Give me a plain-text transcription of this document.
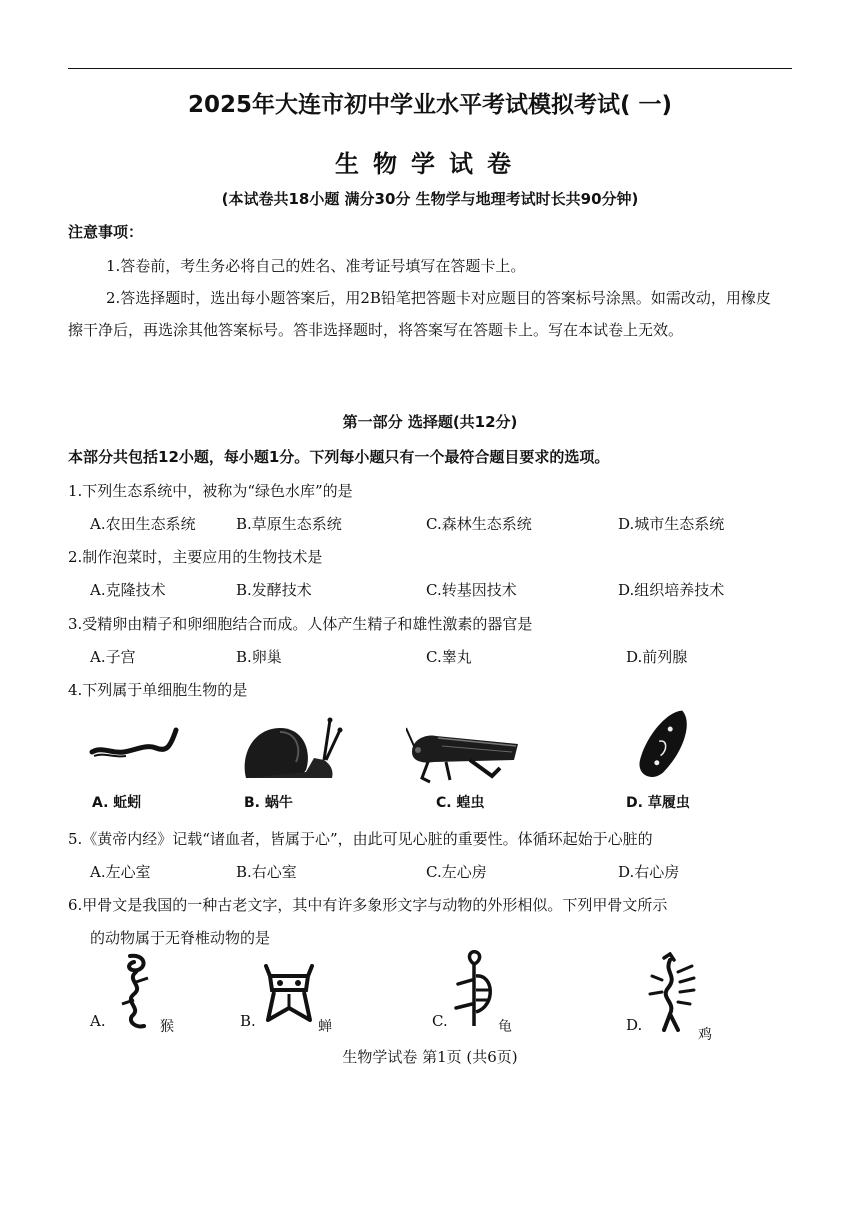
2025年大连市初中学业水平考试模拟考试( 一)
生物学试卷
(本试卷共18小题 满分30分 生物学与地理考试时长共90分钟)
注意事项：
1.答卷前，考生务必将自己的姓名、准考证号填写在答题卡上。
2.答选择题时，选出每小题答案后，用2B铅笔把答题卡对应题目的答案标号涂黑。如需改动，用橡皮擦干净后，再选涂其他答案标号。答非选择题时，将答案写在答题卡上。写在本试卷上无效。
第一部分 选择题(共12分)
本部分共包括12小题，每小题1分。下列每小题只有一个最符合题目要求的选项。
1.下列生态系统中，被称为“绿色水库”的是
A.农田生态系统	B.草原生态系统	C.森林生态系统	D.城市生态系统
2.制作泡菜时，主要应用的生物技术是
A.克隆技术	B.发酵技术	C.转基因技术	D.组织培养技术
3.受精卵由精子和卵细胞结合而成。人体产生精子和雄性激素的器官是
A.子宫	B.卵巢	C.睾丸	D.前列腺
4.下列属于单细胞生物的是
A. 蚯蚓	B. 蜗牛	C. 蝗虫	D. 草履虫
5.《黄帝内经》记载“诸血者，皆属于心”，由此可见心脏的重要性。体循环起始于心脏的
A.左心室	B.右心室	C.左心房	D.右心房
6.甲骨文是我国的一种古老文字，其中有许多象形文字与动物的外形相似。下列甲骨文所示
的动物属于无脊椎动物的是
A.	猴	B.	蝉	C.	龟	D.
鸡
生物学试卷 第1页 (共6页)
